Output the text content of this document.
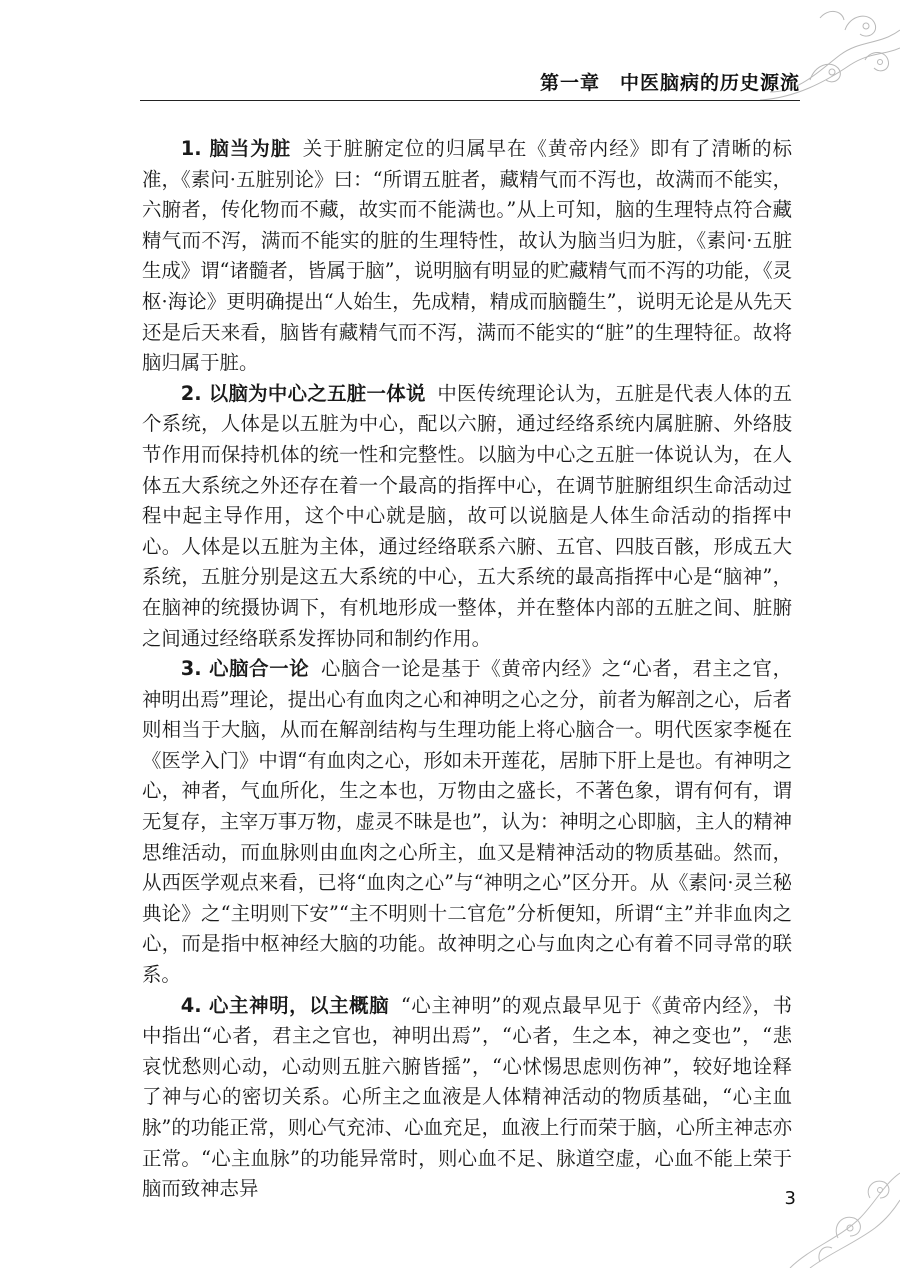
第一章　中医脑病的历史源流

1. 脑当为脏 关于脏腑定位的归属早在《黄帝内经》即有了清晰的标准，《素问·五脏别论》曰：“所谓五脏者，藏精气而不泻也，故满而不能实，六腑者，传化物而不藏，故实而不能满也。”从上可知，脑的生理特点符合藏精气而不泻，满而不能实的脏的生理特性，故认为脑当归为脏，《素问·五脏生成》谓“诸髓者，皆属于脑”，说明脑有明显的贮藏精气而不泻的功能，《灵枢·海论》更明确提出“人始生，先成精，精成而脑髓生”，说明无论是从先天还是后天来看，脑皆有藏精气而不泻，满而不能实的“脏”的生理特征。故将脑归属于脏。

2. 以脑为中心之五脏一体说 中医传统理论认为，五脏是代表人体的五个系统，人体是以五脏为中心，配以六腑，通过经络系统内属脏腑、外络肢节作用而保持机体的统一性和完整性。以脑为中心之五脏一体说认为，在人体五大系统之外还存在着一个最高的指挥中心，在调节脏腑组织生命活动过程中起主导作用，这个中心就是脑，故可以说脑是人体生命活动的指挥中心。人体是以五脏为主体，通过经络联系六腑、五官、四肢百骸，形成五大系统，五脏分别是这五大系统的中心，五大系统的最高指挥中心是“脑神”，在脑神的统摄协调下，有机地形成一整体，并在整体内部的五脏之间、脏腑之间通过经络联系发挥协同和制约作用。

3. 心脑合一论 心脑合一论是基于《黄帝内经》之“心者，君主之官，神明出焉”理论，提出心有血肉之心和神明之心之分，前者为解剖之心，后者则相当于大脑，从而在解剖结构与生理功能上将心脑合一。明代医家李梴在《医学入门》中谓“有血肉之心，形如未开莲花，居肺下肝上是也。有神明之心，神者，气血所化，生之本也，万物由之盛长，不著色象，谓有何有，谓无复存，主宰万事万物，虚灵不昧是也”，认为：神明之心即脑，主人的精神思维活动，而血脉则由血肉之心所主，血又是精神活动的物质基础。然而，从西医学观点来看，已将“血肉之心”与“神明之心”区分开。从《素问·灵兰秘典论》之“主明则下安”“主不明则十二官危”分析便知，所谓“主”并非血肉之心，而是指中枢神经大脑的功能。故神明之心与血肉之心有着不同寻常的联系。

4. 心主神明，以主概脑 “心主神明”的观点最早见于《黄帝内经》，书中指出“心者，君主之官也，神明出焉”，“心者，生之本，神之变也”，“悲哀忧愁则心动，心动则五脏六腑皆摇”，“心怵惕思虑则伤神”，较好地诠释了神与心的密切关系。心所主之血液是人体精神活动的物质基础，“心主血脉”的功能正常，则心气充沛、心血充足，血液上行而荣于脑，心所主神志亦正常。“心主血脉”的功能异常时，则心血不足、脉道空虚，心血不能上荣于脑而致神志异	3
